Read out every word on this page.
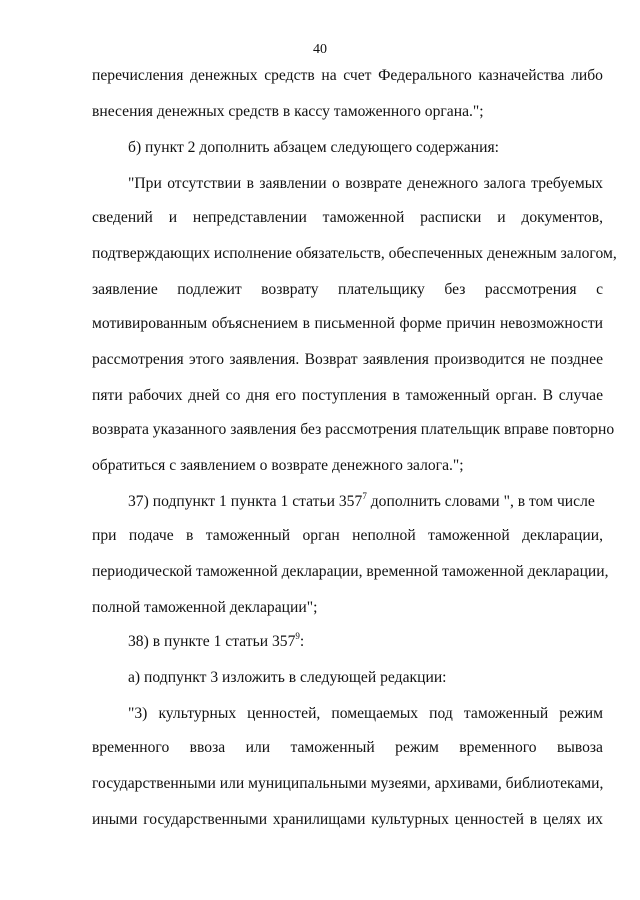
40
перечисления денежных средств на счет Федерального казначейства либо
внесения денежных средств в кассу таможенного органа.";
б) пункт 2 дополнить абзацем следующего содержания:
"При отсутствии в заявлении о возврате денежного залога требуемых
сведений и непредставлении таможенной расписки и документов,
подтверждающих исполнение обязательств, обеспеченных денежным залогом,
заявление подлежит возврату плательщику без рассмотрения с
мотивированным объяснением в письменной форме причин невозможности
рассмотрения этого заявления. Возврат заявления производится не позднее
пяти рабочих дней со дня его поступления в таможенный орган. В случае
возврата указанного заявления без рассмотрения плательщик вправе повторно
обратиться с заявлением о возврате денежного залога.";
37) подпункт 1 пункта 1 статьи $357^7$ дополнить словами ", в том числе
при подаче в таможенный орган неполной таможенной декларации,
периодической таможенной декларации, временной таможенной декларации,
полной таможенной декларации";
38) в пункте 1 статьи $357^9$:
а) подпункт 3 изложить в следующей редакции:
"3) культурных ценностей, помещаемых под таможенный режим
временного ввоза или таможенный режим временного вывоза
государственными или муниципальными музеями, архивами, библиотеками,
иными государственными хранилищами культурных ценностей в целях их
